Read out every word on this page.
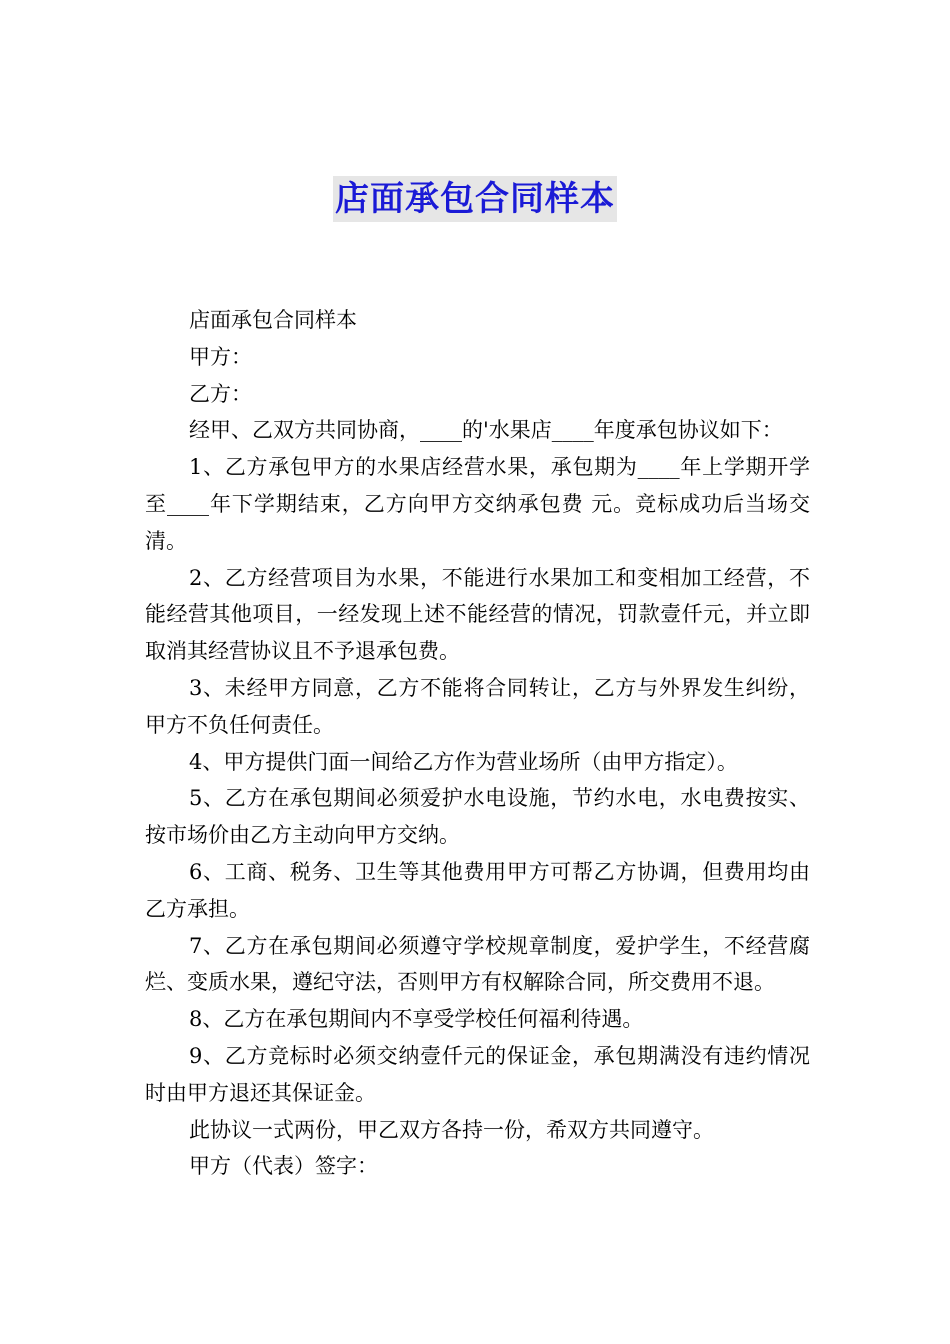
店面承包合同样本

店面承包合同样本

甲方：

乙方：

经甲、乙双方共同协商，____的'水果店____年度承包协议如下：

1、乙方承包甲方的水果店经营水果，承包期为____年上学期开学至____年下学期结束，乙方向甲方交纳承包费 元。竞标成功后当场交清。

2、乙方经营项目为水果，不能进行水果加工和变相加工经营，不能经营其他项目，一经发现上述不能经营的情况，罚款壹仟元，并立即取消其经营协议且不予退承包费。

3、未经甲方同意，乙方不能将合同转让，乙方与外界发生纠纷，甲方不负任何责任。

4、甲方提供门面一间给乙方作为营业场所（由甲方指定）。

5、乙方在承包期间必须爱护水电设施，节约水电，水电费按实、按市场价由乙方主动向甲方交纳。

6、工商、税务、卫生等其他费用甲方可帮乙方协调，但费用均由乙方承担。

7、乙方在承包期间必须遵守学校规章制度，爱护学生，不经营腐烂、变质水果，遵纪守法，否则甲方有权解除合同，所交费用不退。

8、乙方在承包期间内不享受学校任何福利待遇。

9、乙方竞标时必须交纳壹仟元的保证金，承包期满没有违约情况时由甲方退还其保证金。

此协议一式两份，甲乙双方各持一份，希双方共同遵守。

甲方（代表）签字：
